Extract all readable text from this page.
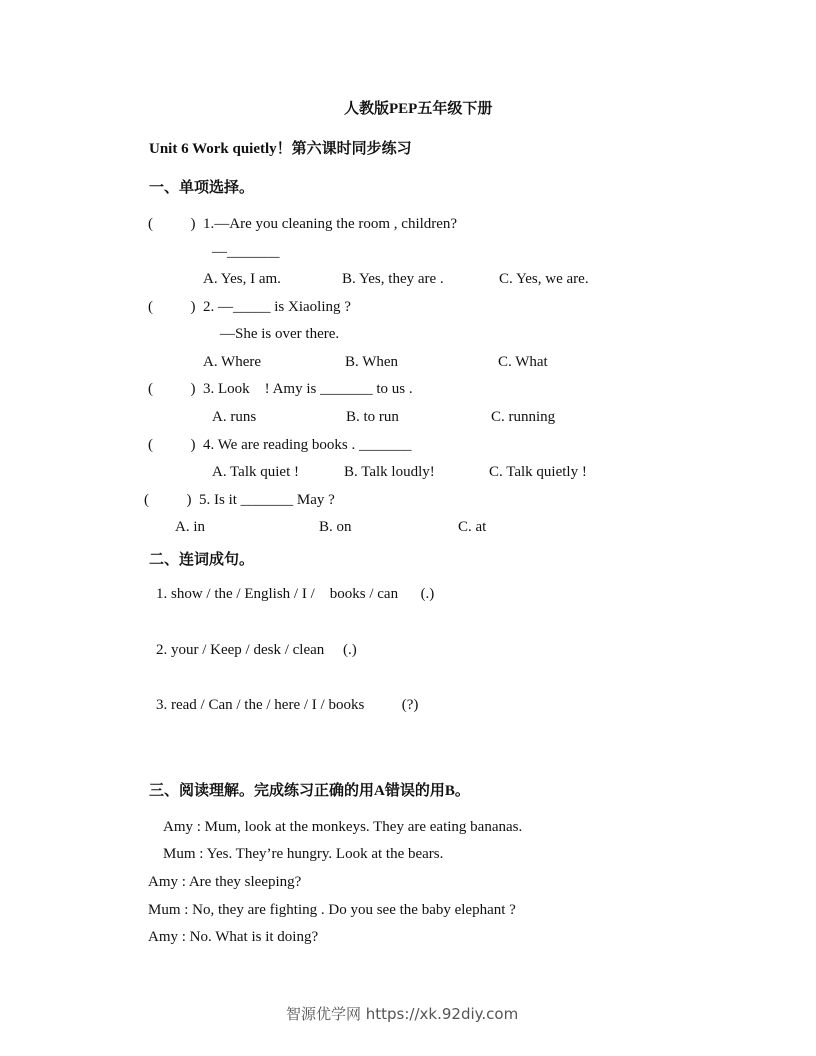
人教版PEP五年级下册
Unit 6 Work quietly！第六课时同步练习
一、单项选择。
(          ) 1.—Are you cleaning the room , children?
—_______
A. Yes, I am.	B. Yes, they are .	C. Yes, we are.
(          ) 2. —_____ is Xiaoling ?
—She is over there.
A. Where	B. When	C. What
(          ) 3. Look    ! Amy is _______ to us .
A. runs	B. to run	C. running
(          ) 4. We are reading books . _______
A. Talk quiet !	B. Talk loudly!	C. Talk quietly !
(          ) 5. Is it _______ May ?
A. in	B. on	C. at
二、连词成句。
1. show / the / English / I /    books / can      (.)
2. your / Keep / desk / clean     (.)
3. read / Can / the / here / I / books          (?)
三、阅读理解。完成练习正确的用A错误的用B。
Amy : Mum, look at the monkeys. They are eating bananas.
Mum : Yes. They’re hungry. Look at the bears.
Amy : Are they sleeping?
Mum : No, they are fighting . Do you see the baby elephant ?
Amy : No. What is it doing?
智源优学网 https://xk.92diy.com
